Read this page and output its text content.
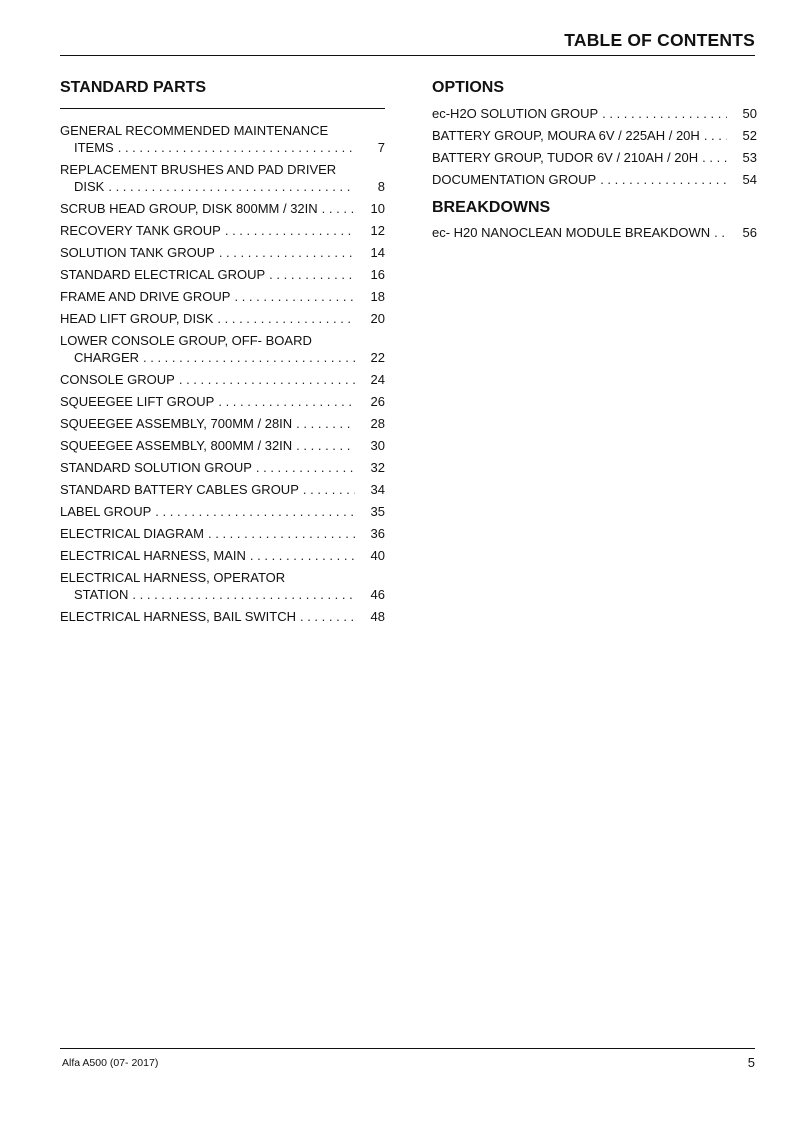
TABLE OF CONTENTS
STANDARD PARTS
GENERAL RECOMMENDED MAINTENANCE
ITEMS . . .	7
REPLACEMENT BRUSHES AND PAD DRIVER
DISK . . .	8
SCRUB HEAD GROUP, DISK 800MM / 32IN . . .	10
RECOVERY TANK GROUP . . .	12
SOLUTION TANK GROUP . . .	14
STANDARD ELECTRICAL GROUP . . .	16
FRAME AND DRIVE GROUP . . .	18
HEAD LIFT GROUP, DISK . . .	20
LOWER CONSOLE GROUP, OFF- BOARD
CHARGER . . .	22
CONSOLE GROUP . . .	24
SQUEEGEE LIFT GROUP . . .	26
SQUEEGEE ASSEMBLY, 700MM / 28IN . . .	28
SQUEEGEE ASSEMBLY, 800MM / 32IN . . .	30
STANDARD SOLUTION GROUP . . .	32
STANDARD BATTERY CABLES GROUP . . .	34
LABEL GROUP . . .	35
ELECTRICAL DIAGRAM . . .	36
ELECTRICAL HARNESS, MAIN . . .	40
ELECTRICAL HARNESS, OPERATOR
STATION . . .	46
ELECTRICAL HARNESS, BAIL SWITCH . . .	48
OPTIONS
ec-H2O SOLUTION GROUP . . .	50
BATTERY GROUP, MOURA 6V / 225AH / 20H . . .	52
BATTERY GROUP, TUDOR 6V / 210AH / 20H . . .	53
DOCUMENTATION GROUP . . .	54
BREAKDOWNS
ec- H20 NANOCLEAN MODULE BREAKDOWN . . .	56
Alfa A500 (07- 2017)	5
